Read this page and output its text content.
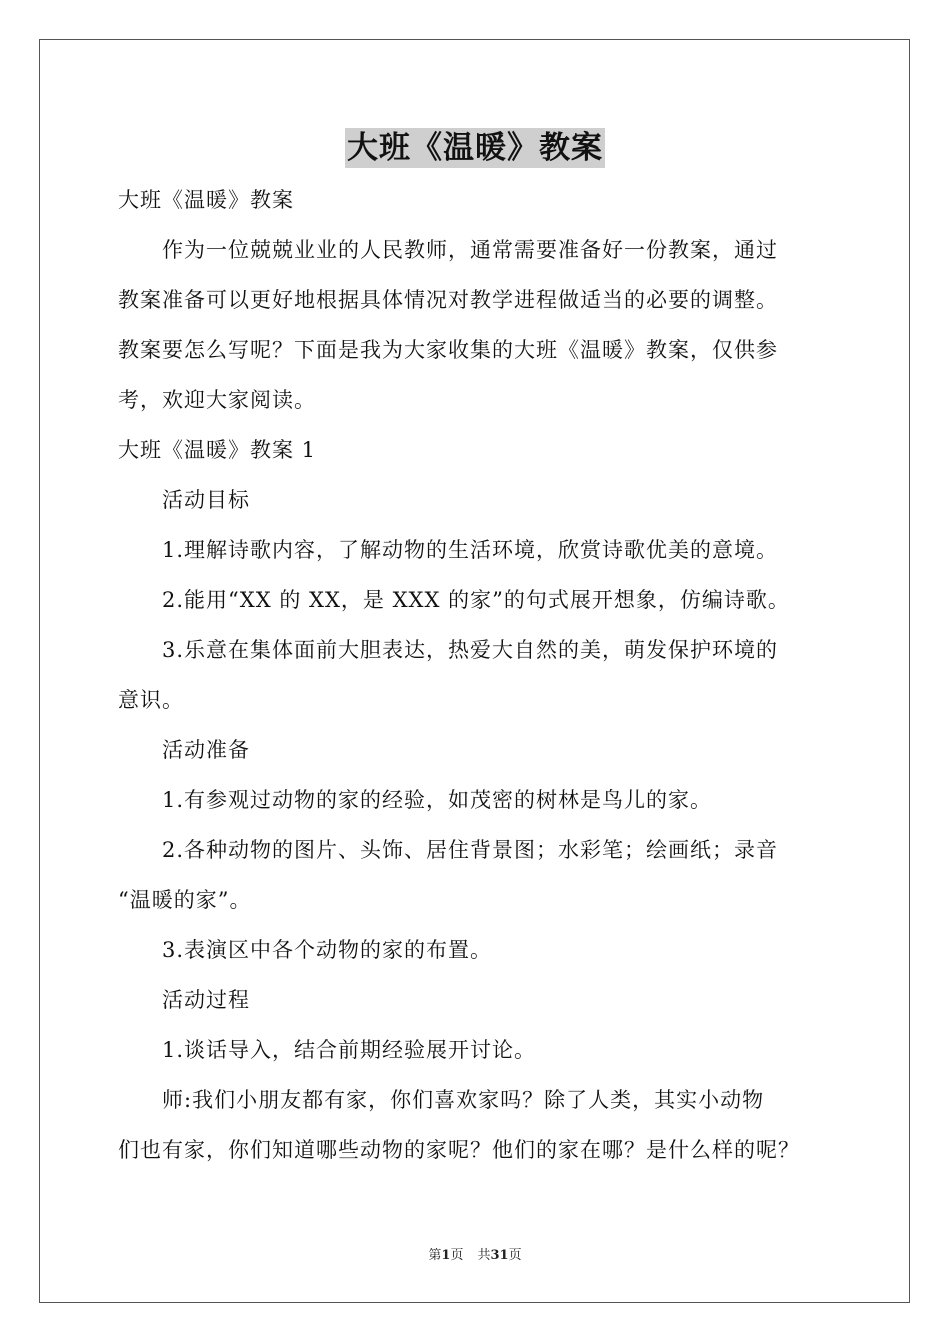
大班《温暖》教案
大班《温暖》教案
作为一位兢兢业业的人民教师，通常需要准备好一份教案，通过
教案准备可以更好地根据具体情况对教学进程做适当的必要的调整。
教案要怎么写呢？下面是我为大家收集的大班《温暖》教案，仅供参
考，欢迎大家阅读。
大班《温暖》教案 1
活动目标
1.理解诗歌内容，了解动物的生活环境，欣赏诗歌优美的意境。
2.能用“XX 的 XX，是 XXX 的家”的句式展开想象，仿编诗歌。
3.乐意在集体面前大胆表达，热爱大自然的美，萌发保护环境的
意识。
活动准备
1.有参观过动物的家的经验，如茂密的树林是鸟儿的家。
2.各种动物的图片、头饰、居住背景图；水彩笔；绘画纸；录音
“温暖的家”。
3.表演区中各个动物的家的布置。
活动过程
1.谈话导入，结合前期经验展开讨论。
师:我们小朋友都有家，你们喜欢家吗？除了人类，其实小动物
们也有家，你们知道哪些动物的家呢？他们的家在哪？是什么样的呢？
第1页 共31页
